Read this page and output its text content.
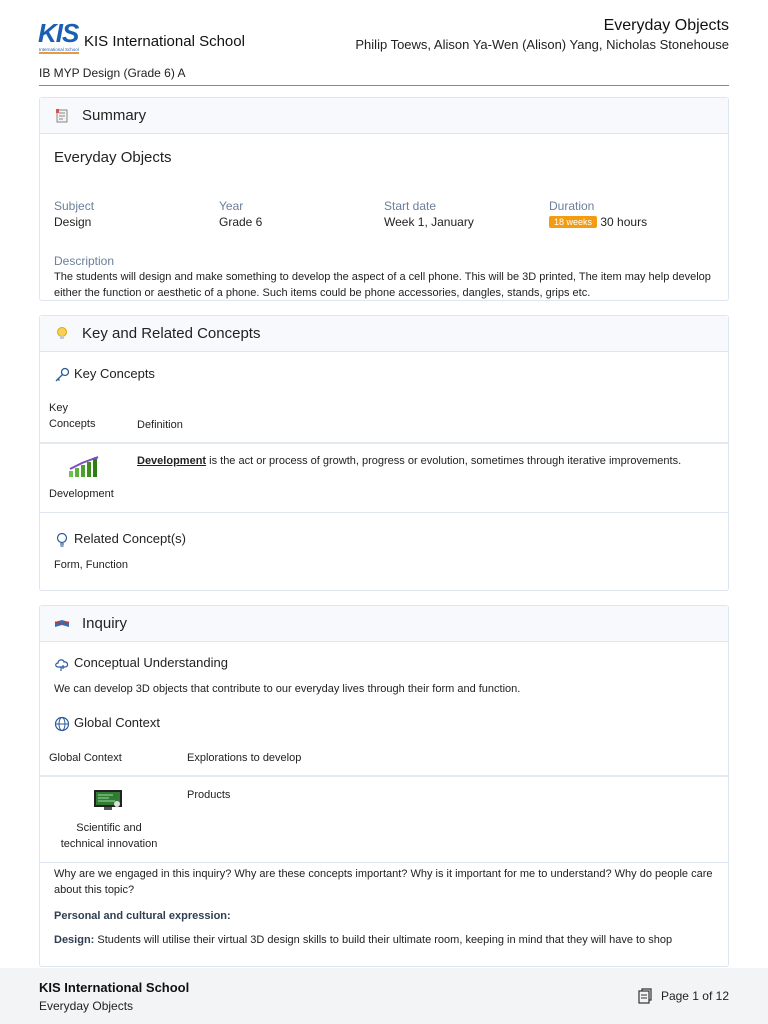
KIS
International School KIS International School
Everyday Objects
Philip Toews, Alison Ya-Wen (Alison) Yang, Nicholas Stonehouse
IB MYP Design (Grade 6) A
Summary
Everyday Objects
Subject
Design
Year
Grade 6
Start date
Week 1, January
Duration
18 weeks 30 hours
Description
The students will design and make something to develop the aspect of a cell phone. This will be 3D printed, The item may help develop either the function or aesthetic of a phone. Such items could be phone accessories, dangles, stands, grips etc.
Key and Related Concepts
Key Concepts
Key
Concepts	Definition
Development
Development is the act or process of growth, progress or evolution, sometimes through iterative improvements.
Related Concept(s)
Form, Function
Inquiry
Conceptual Understanding
We can develop 3D objects that contribute to our everyday lives through their form and function.
Global Context
Global Context	Explorations to develop
Scientific and
technical innovation
Products
Why are we engaged in this inquiry? Why are these concepts important? Why is it important for me to understand? Why do people care about this topic?
Personal and cultural expression:
Design: Students will utilise their virtual 3D design skills to build their ultimate room, keeping in mind that they will have to shop
KIS International School
Everyday Objects
Page 1 of 12
